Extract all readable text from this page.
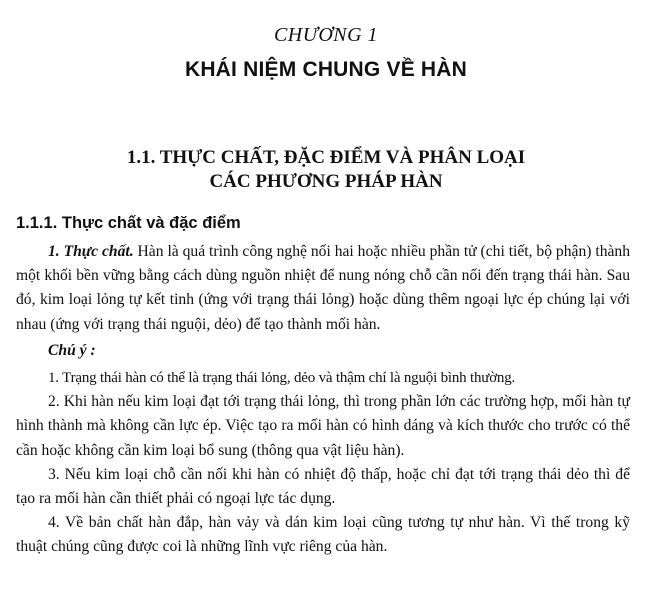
CHƯƠNG 1
KHÁI NIỆM CHUNG VỀ HÀN
1.1. THỰC CHẤT, ĐẶC ĐIỂM VÀ PHÂN LOẠI
CÁC PHƯƠNG PHÁP HÀN
1.1.1. Thực chất và đặc điểm

1. Thực chất. Hàn là quá trình công nghệ nối hai hoặc nhiều phần tử (chi tiết, bộ phận) thành một khối bền vững bằng cách dùng nguồn nhiệt để nung nóng chỗ cần nối đến trạng thái hàn. Sau đó, kim loại lỏng tự kết tinh (ứng với trạng thái lỏng) hoặc dùng thêm ngoại lực ép chúng lại với nhau (ứng với trạng thái nguội, dẻo) để tạo thành mối hàn.

Chú ý :

1. Trạng thái hàn có thể là trạng thái lỏng, dẻo và thậm chí là nguội bình thường.

2. Khi hàn nếu kim loại đạt tới trạng thái lỏng, thì trong phần lớn các trường hợp, mối hàn tự hình thành mà không cần lực ép. Việc tạo ra mối hàn có hình dáng và kích thước cho trước có thể cần hoặc không cần kim loại bổ sung (thông qua vật liệu hàn).

3. Nếu kim loại chỗ cần nối khi hàn có nhiệt độ thấp, hoặc chỉ đạt tới trạng thái dẻo thì để tạo ra mối hàn cần thiết phải có ngoại lực tác dụng.

4. Về bản chất hàn đắp, hàn vảy và dán kim loại cũng tương tự như hàn. Vì thế trong kỹ thuật chúng cũng được coi là những lĩnh vực riêng của hàn.
